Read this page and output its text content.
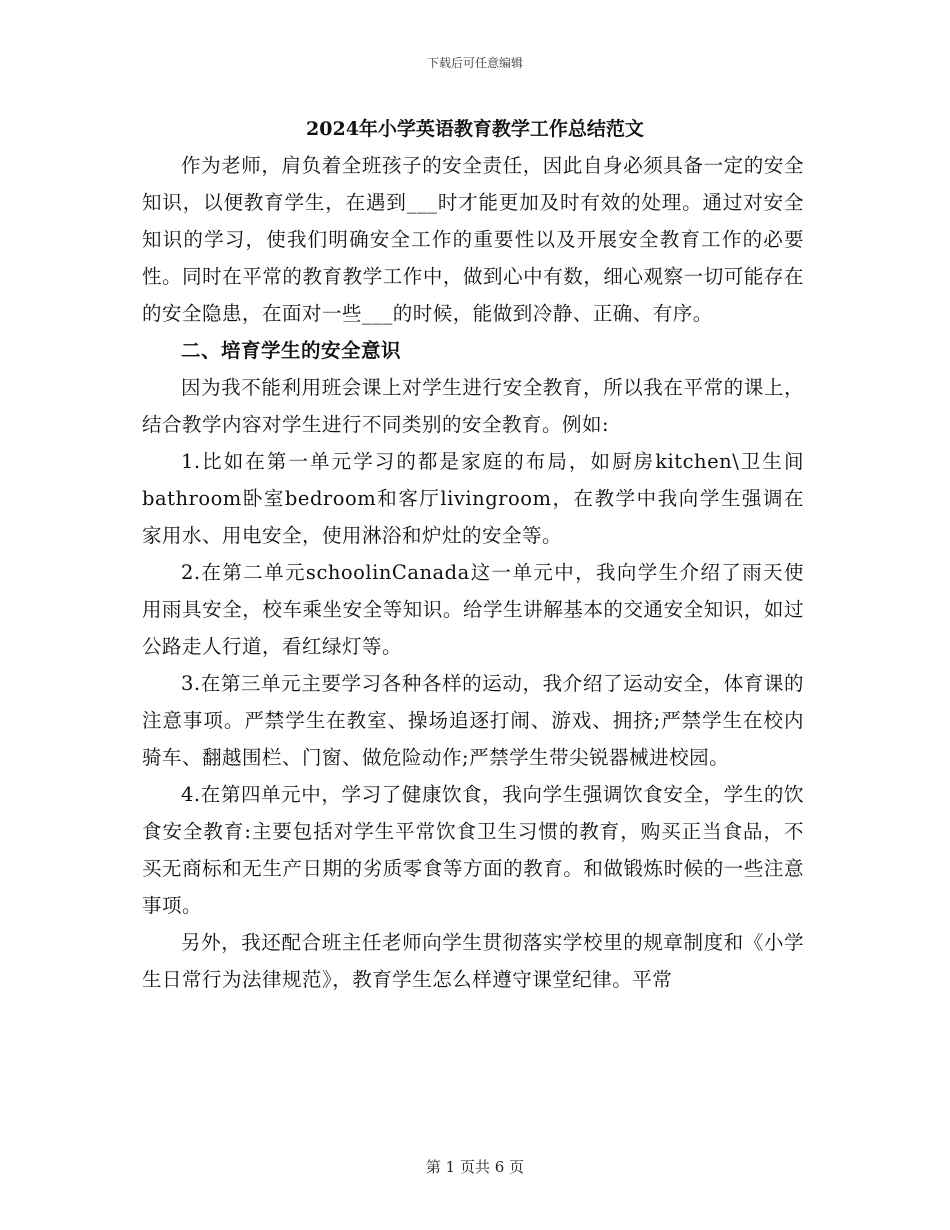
下载后可任意编辑
2024年小学英语教育教学工作总结范文

作为老师，肩负着全班孩子的安全责任，因此自身必须具备一定的安全知识，以便教育学生，在遇到___时才能更加及时有效的处理。通过对安全知识的学习，使我们明确安全工作的重要性以及开展安全教育工作的必要性。同时在平常的教育教学工作中，做到心中有数，细心观察一切可能存在的安全隐患，在面对一些___的时候，能做到冷静、正确、有序。

二、培育学生的安全意识

因为我不能利用班会课上对学生进行安全教育，所以我在平常的课上，结合教学内容对学生进行不同类别的安全教育。例如:

1.比如在第一单元学习的都是家庭的布局，如厨房kitchen\卫生间bathroom卧室bedroom和客厅livingroom，在教学中我向学生强调在家用水、用电安全，使用淋浴和炉灶的安全等。

2.在第二单元schoolinCanada这一单元中，我向学生介绍了雨天使用雨具安全，校车乘坐安全等知识。给学生讲解基本的交通安全知识，如过公路走人行道，看红绿灯等。

3.在第三单元主要学习各种各样的运动，我介绍了运动安全，体育课的注意事项。严禁学生在教室、操场追逐打闹、游戏、拥挤;严禁学生在校内骑车、翻越围栏、门窗、做危险动作;严禁学生带尖锐器械进校园。

4.在第四单元中，学习了健康饮食，我向学生强调饮食安全，学生的饮食安全教育:主要包括对学生平常饮食卫生习惯的教育，购买正当食品，不买无商标和无生产日期的劣质零食等方面的教育。和做锻炼时候的一些注意事项。

另外，我还配合班主任老师向学生贯彻落实学校里的规章制度和《小学生日常行为法律规范》，教育学生怎么样遵守课堂纪律。平常

第 1 页共 6 页
